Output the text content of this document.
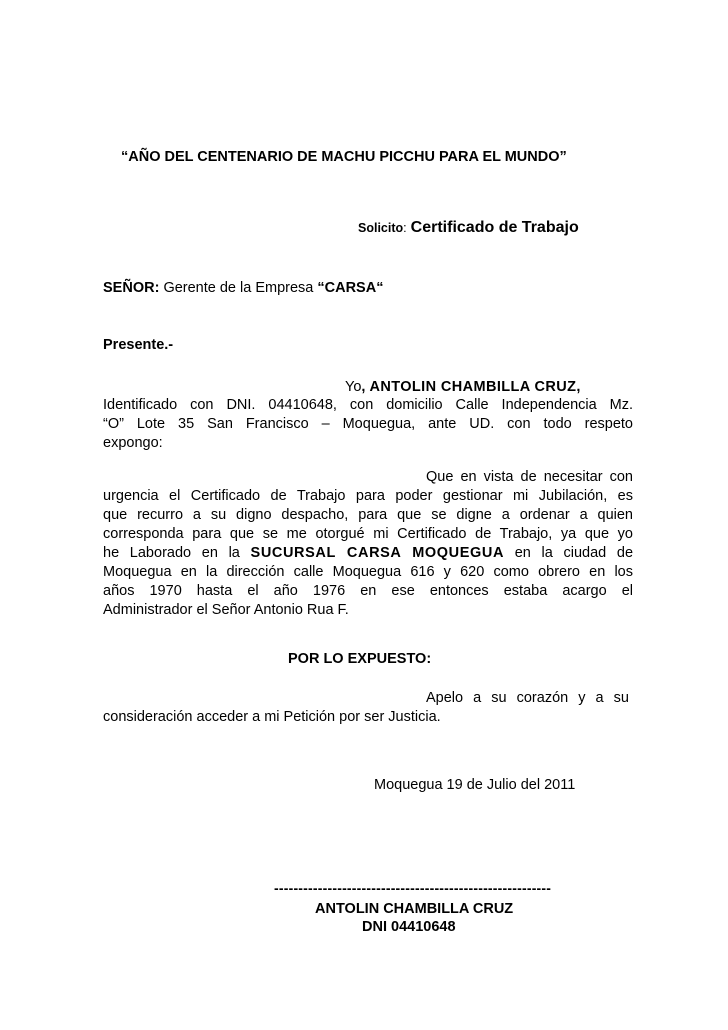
“AÑO DEL CENTENARIO DE MACHU PICCHU PARA EL MUNDO”
Solicito: Certificado de Trabajo
SEÑOR: Gerente de la Empresa “CARSA“
Presente.-
Yo, ANTOLIN CHAMBILLA CRUZ,
Identificado con DNI. 04410648, con domicilio Calle Independencia Mz.
“O” Lote 35 San Francisco – Moquegua, ante UD. con todo respeto
expongo:
Que en vista de necesitar con
urgencia el Certificado de Trabajo para poder gestionar mi Jubilación, es
que recurro a su digno despacho, para que se digne a ordenar a quien
corresponda para que se me otorgué mi Certificado de Trabajo, ya que yo
he Laborado en la SUCURSAL CARSA MOQUEGUA en la ciudad de
Moquegua en la dirección calle Moquegua 616 y 620 como obrero en los
años 1970 hasta el año 1976 en ese entonces estaba acargo el
Administrador el Señor Antonio Rua F.
POR LO EXPUESTO:
Apelo a su corazón y a su
consideración acceder a mi Petición por ser Justicia.
Moquegua 19 de Julio del 2011
---------------------------------------------------------
ANTOLIN CHAMBILLA CRUZ
DNI 04410648
